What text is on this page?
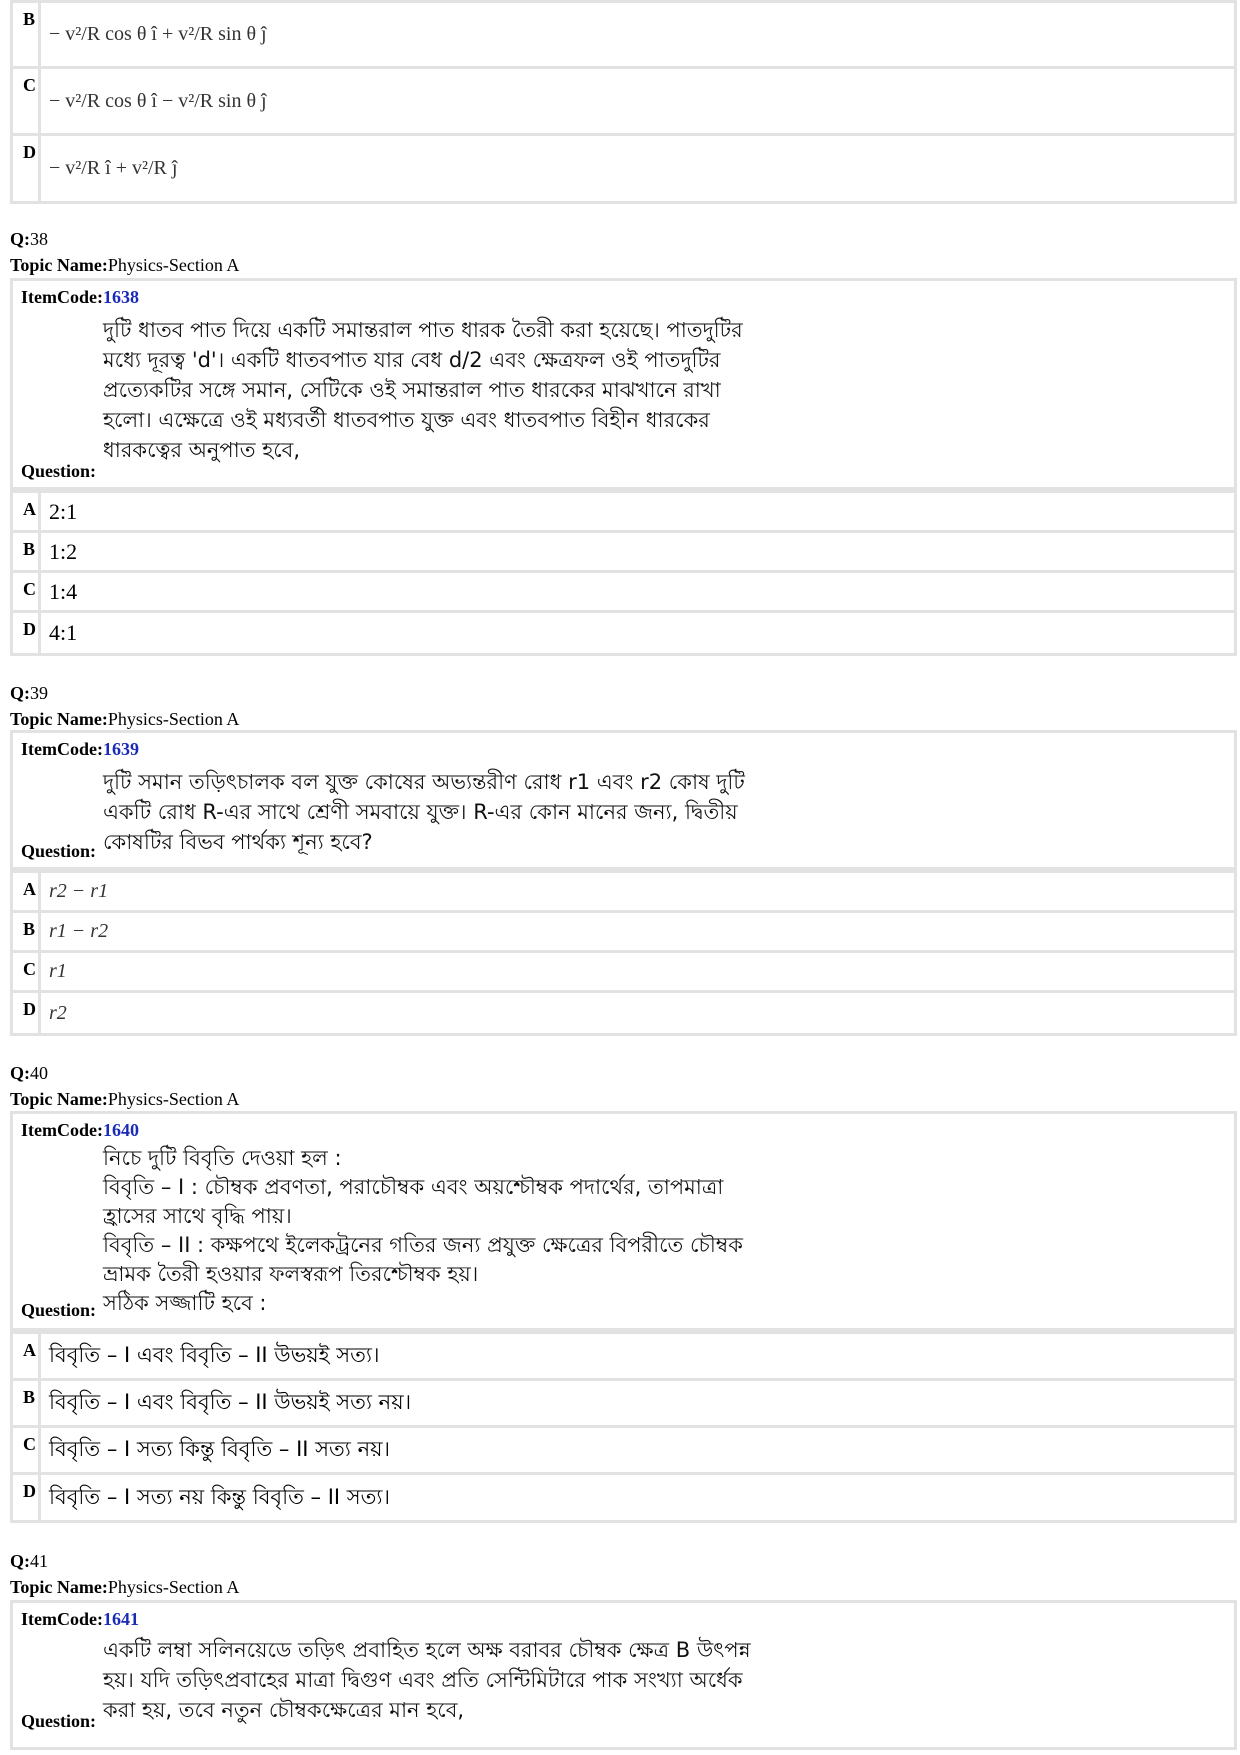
B
− v²/R cos θ î + v²/R sin θ ĵ
C
− v²/R cos θ î − v²/R sin θ ĵ
D
− v²/R î + v²/R ĵ
Q:38
Topic Name:Physics-Section A
ItemCode:1638
দুটি ধাতব পাত দিয়ে একটি সমান্তরাল পাত ধারক তৈরী করা হয়েছে। পাতদুটির
মধ্যে দূরত্ব 'd'। একটি ধাতবপাত যার বেধ d/2 এবং ক্ষেত্রফল ওই পাতদুটির
প্রত্যেকটির সঙ্গে সমান, সেটিকে ওই সমান্তরাল পাত ধারকের মাঝখানে রাখা
হলো। এক্ষেত্রে ওই মধ্যবর্তী ধাতবপাত যুক্ত এবং ধাতবপাত বিহীন ধারকের
ধারকত্বের অনুপাত হবে,
Question:
A 2:1
B 1:2
C 1:4
D 4:1
Q:39
Topic Name:Physics-Section A
ItemCode:1639
দুটি সমান তড়িৎচালক বল যুক্ত কোষের অভ্যন্তরীণ রোধ r1 এবং r2 কোষ দুটি
একটি রোধ R-এর সাথে শ্রেণী সমবায়ে যুক্ত। R-এর কোন মানের জন্য, দ্বিতীয়
কোষটির বিভব পার্থক্য শূন্য হবে?
Question:
A r2 − r1
B r1 − r2
C r1
D r2
Q:40
Topic Name:Physics-Section A
ItemCode:1640
নিচে দুটি বিবৃতি দেওয়া হল :
বিবৃতি – I : চৌম্বক প্রবণতা, পরাচৌম্বক এবং অয়শ্চৌম্বক পদার্থের, তাপমাত্রা
হ্রাসের সাথে বৃদ্ধি পায়।
বিবৃতি – II : কক্ষপথে ইলেকট্রনের গতির জন্য প্রযুক্ত ক্ষেত্রের বিপরীতে চৌম্বক
ভ্রামক তৈরী হওয়ার ফলস্বরূপ তিরশ্চৌম্বক হয়।
সঠিক সজ্জাটি হবে :
Question:
A বিবৃতি – I এবং বিবৃতি – II উভয়ই সত্য।
B বিবৃতি – I এবং বিবৃতি – II উভয়ই সত্য নয়।
C বিবৃতি – I সত্য কিন্তু বিবৃতি – II সত্য নয়।
D বিবৃতি – I সত্য নয় কিন্তু বিবৃতি – II সত্য।
Q:41
Topic Name:Physics-Section A
ItemCode:1641
একটি লম্বা সলিনয়েডে তড়িৎ প্রবাহিত হলে অক্ষ বরাবর চৌম্বক ক্ষেত্র B উৎপন্ন
হয়। যদি তড়িৎপ্রবাহের মাত্রা দ্বিগুণ এবং প্রতি সেন্টিমিটারে পাক সংখ্যা অর্ধেক
করা হয়, তবে নতুন চৌম্বকক্ষেত্রের মান হবে,
Question:
